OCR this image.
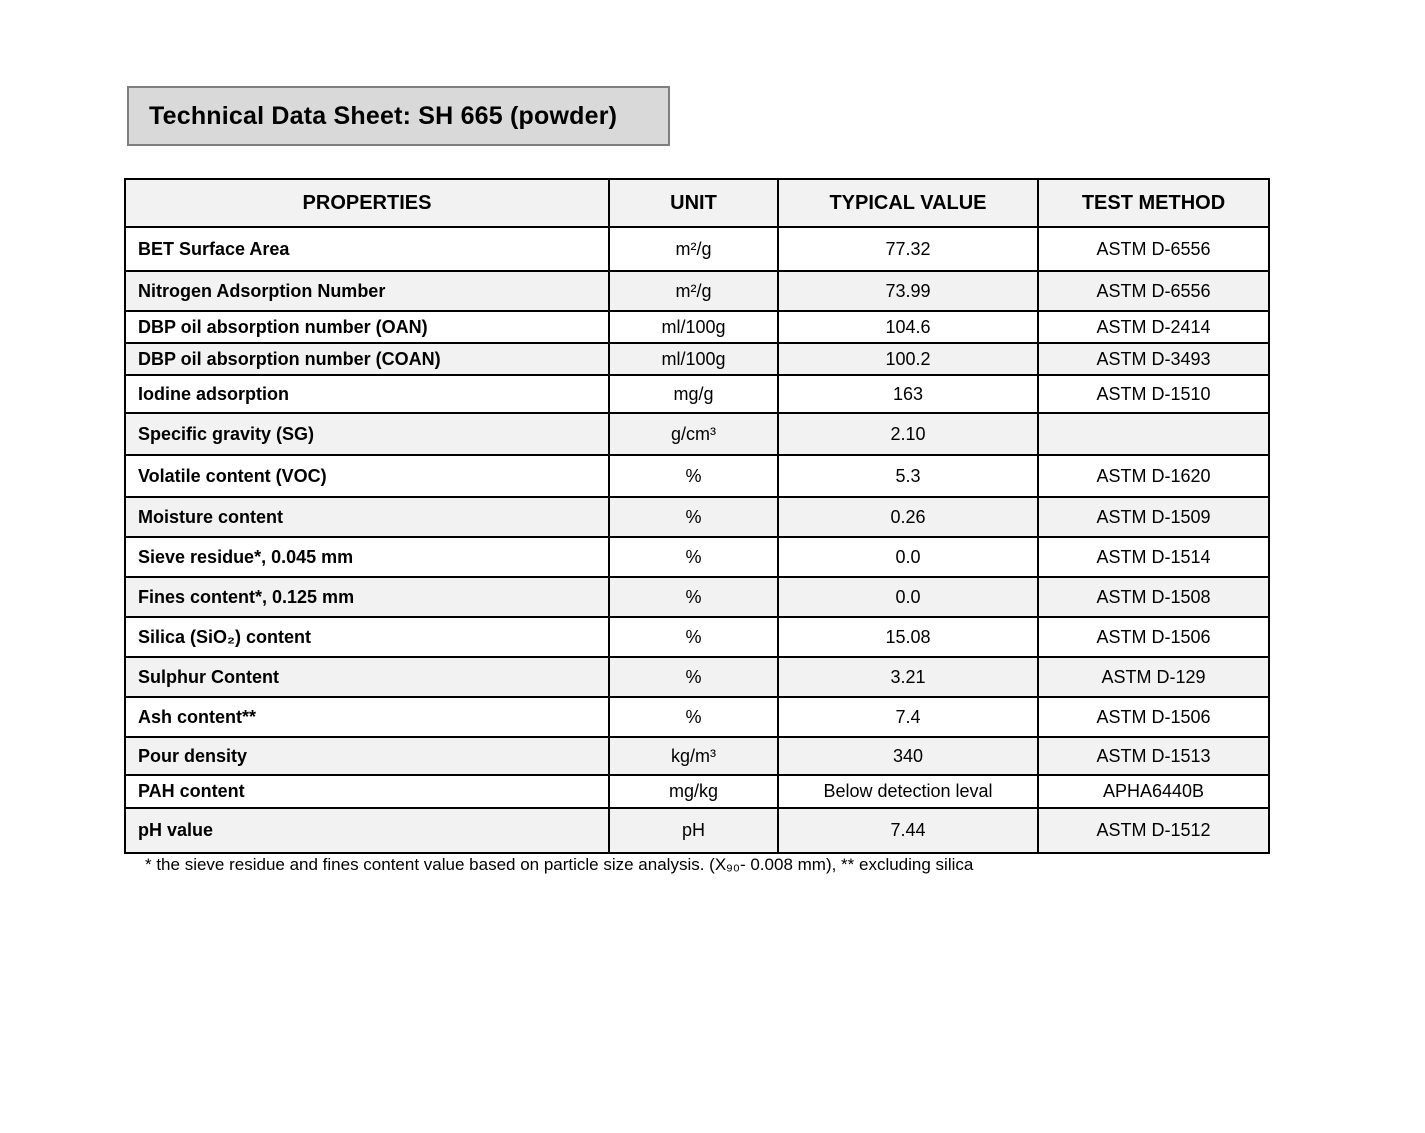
Technical Data Sheet: SH 665 (powder)
PROPERTIES	UNIT	TYPICAL VALUE	TEST METHOD
BET Surface Area	m²/g	77.32	ASTM D-6556
Nitrogen Adsorption Number	m²/g	73.99	ASTM D-6556
DBP oil absorption number (OAN)	ml/100g	104.6	ASTM D-2414
DBP oil absorption number (COAN)	ml/100g	100.2	ASTM D-3493
Iodine adsorption	mg/g	163	ASTM D-1510
Specific gravity (SG)	g/cm³	2.10	
Volatile content (VOC)	%	5.3	ASTM D-1620
Moisture content	%	0.26	ASTM D-1509
Sieve residue*, 0.045 mm	%	0.0	ASTM D-1514
Fines content*, 0.125 mm	%	0.0	ASTM D-1508
Silica (SiO₂) content	%	15.08	ASTM D-1506
Sulphur Content	%	3.21	ASTM D-129
Ash content**	%	7.4	ASTM D-1506
Pour density	kg/m³	340	ASTM D-1513
PAH content	mg/kg	Below detection leval	APHA6440B
pH value	pH	7.44	ASTM D-1512
* the sieve residue and fines content value based on particle size analysis. (X₉₀- 0.008 mm), ** excluding silica
